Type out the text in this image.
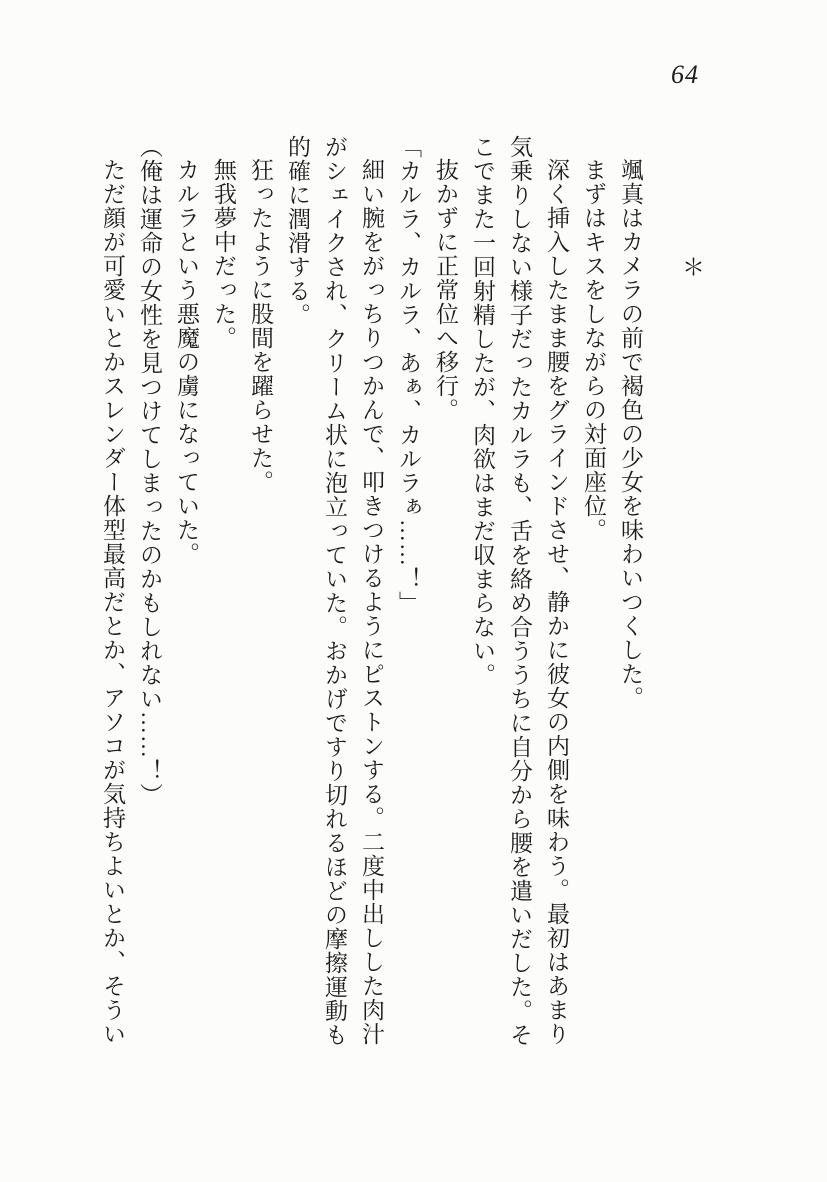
64

＊

颯真はカメラの前で褐色の少女を味わいつくした。

まずはキスをしながらの対面座位。

深く挿入したまま腰をグラインドさせ、静かに彼女の内側を味わう。最初はあまり気乗りしない様子だったカルラも、舌を絡め合ううちに自分から腰を遣いだした。そこでまた一回射精したが、肉欲はまだ収まらない。

抜かずに正常位へ移行。

「カルラ、カルラ、あぁ、カルラぁ……！」

細い腕をがっちりつかんで、叩きつけるようにピストンする。二度中出しした肉汁がシェイクされ、クリーム状に泡立っていた。おかげですり切れるほどの摩擦運動も的確に潤滑する。

狂ったように股間を躍らせた。

無我夢中だった。

カルラという悪魔の虜になっていた。

（俺は運命の女性を見つけてしまったのかもしれない……！）

ただ顔が可愛いとかスレンダー体型最高だとか、アソコが気持ちよいとか、そうい
